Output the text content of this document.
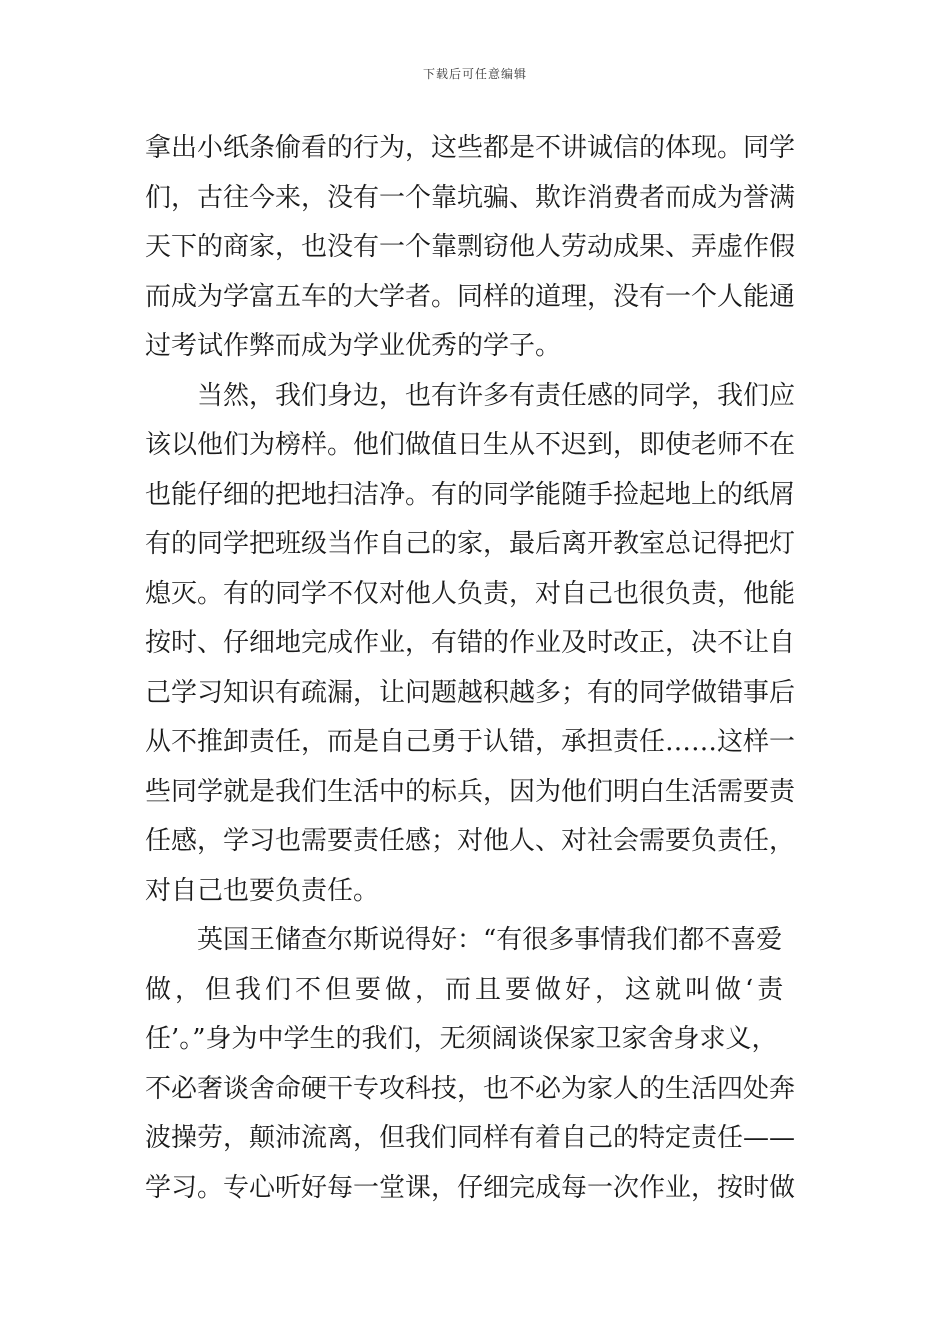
下载后可任意编辑
拿出小纸条偷看的行为，这些都是不讲诚信的体现。同学
们，古往今来，没有一个靠坑骗、欺诈消费者而成为誉满
天下的商家，也没有一个靠剽窃他人劳动成果、弄虚作假
而成为学富五车的大学者。同样的道理，没有一个人能通
过考试作弊而成为学业优秀的学子。
当然，我们身边，也有许多有责任感的同学，我们应
该以他们为榜样。他们做值日生从不迟到，即使老师不在
也能仔细的把地扫洁净。有的同学能随手捡起地上的纸屑
有的同学把班级当作自己的家，最后离开教室总记得把灯
熄灭。有的同学不仅对他人负责，对自己也很负责，他能
按时、仔细地完成作业，有错的作业及时改正，决不让自
己学习知识有疏漏，让问题越积越多；有的同学做错事后
从不推卸责任，而是自己勇于认错，承担责任……这样一
些同学就是我们生活中的标兵，因为他们明白生活需要责
任感，学习也需要责任感；对他人、对社会需要负责任，
对自己也要负责任。
英国王储查尔斯说得好：“有很多事情我们都不喜爱
做，但我们不但要做，而且要做好，这就叫做‘责
任’。”身为中学生的我们，无须阔谈保家卫家舍身求义，
不必奢谈舍命硬干专攻科技，也不必为家人的生活四处奔
波操劳，颠沛流离，但我们同样有着自己的特定责任——
学习。专心听好每一堂课，仔细完成每一次作业，按时做
